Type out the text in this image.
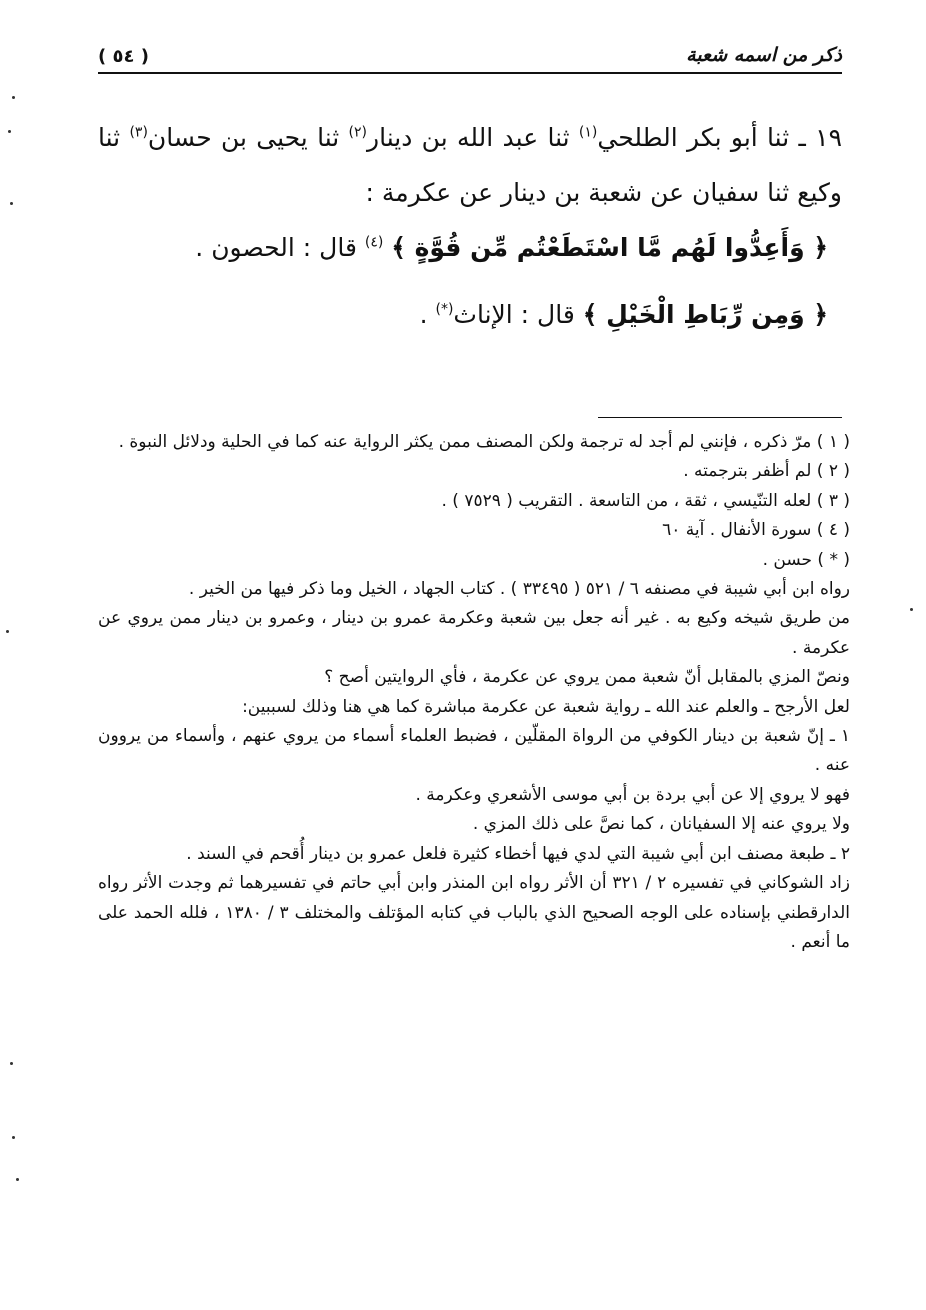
ذكر من اسمه شعبة
( ٥٤ )

١٩ ـ ثنا أبو بكر الطلحي$^{(١)}$ ثنا عبد الله بن دينار$^{(٢)}$ ثنا يحيى بن حسان$^{(٣)}$ ثنا وكيع ثنا سفيان عن شعبة بن دينار عن عكرمة :

﴿ وَأَعِدُّوا لَهُم مَّا اسْتَطَعْتُم مِّن قُوَّةٍ ﴾ $^{(٤)}$ قال : الحصون .

﴿ وَمِن رِّبَاطِ الْخَيْلِ ﴾ قال : الإناث(*) .

( ١ ) مرّ ذكره ، فإنني لم أجد له ترجمة ولكن المصنف ممن يكثر الرواية عنه كما في الحلية ودلائل النبوة .

( ٢ ) لم أظفر بترجمته .

( ٣ ) لعله التنّيسي ، ثقة ، من التاسعة . التقريب ( ٧٥٢٩ ) .

( ٤ ) سورة الأنفال . آية ٦٠

( * ) حسن .

رواه ابن أبي شيبة في مصنفه ٦ / ٥٢١ ( ٣٣٤٩٥ ) . كتاب الجهاد ، الخيل وما ذكر فيها من الخير .

من طريق شيخه وكيع به . غير أنه جعل بين شعبة وعكرمة عمرو بن دينار ، وعمرو بن دينار ممن يروي عن عكرمة .

ونصّ المزي بالمقابل أنّ شعبة ممن يروي عن عكرمة ، فأي الروايتين أصح ؟

لعل الأرجح ـ والعلم عند الله ـ رواية شعبة عن عكرمة مباشرة كما هي هنا وذلك لسببين:

١ ـ إنّ شعبة بن دينار الكوفي من الرواة المقلّين ، فضبط العلماء أسماء من يروي عنهم ، وأسماء من يروون عنه .

فهو لا يروي إلا عن أبي بردة بن أبي موسى الأشعري وعكرمة .

ولا يروي عنه إلا السفيانان ، كما نصَّ على ذلك المزي .

٢ ـ طبعة مصنف ابن أبي شيبة التي لدي فيها أخطاء كثيرة فلعل عمرو بن دينار أُقحم في السند .

زاد الشوكاني في تفسيره ٢ / ٣٢١ أن الأثر رواه ابن المنذر وابن أبي حاتم في تفسيرهما ثم وجدت الأثر رواه الدارقطني بإسناده على الوجه الصحيح الذي بالباب في كتابه المؤتلف والمختلف ٣ / ١٣٨٠ ، فلله الحمد على ما أنعم .
